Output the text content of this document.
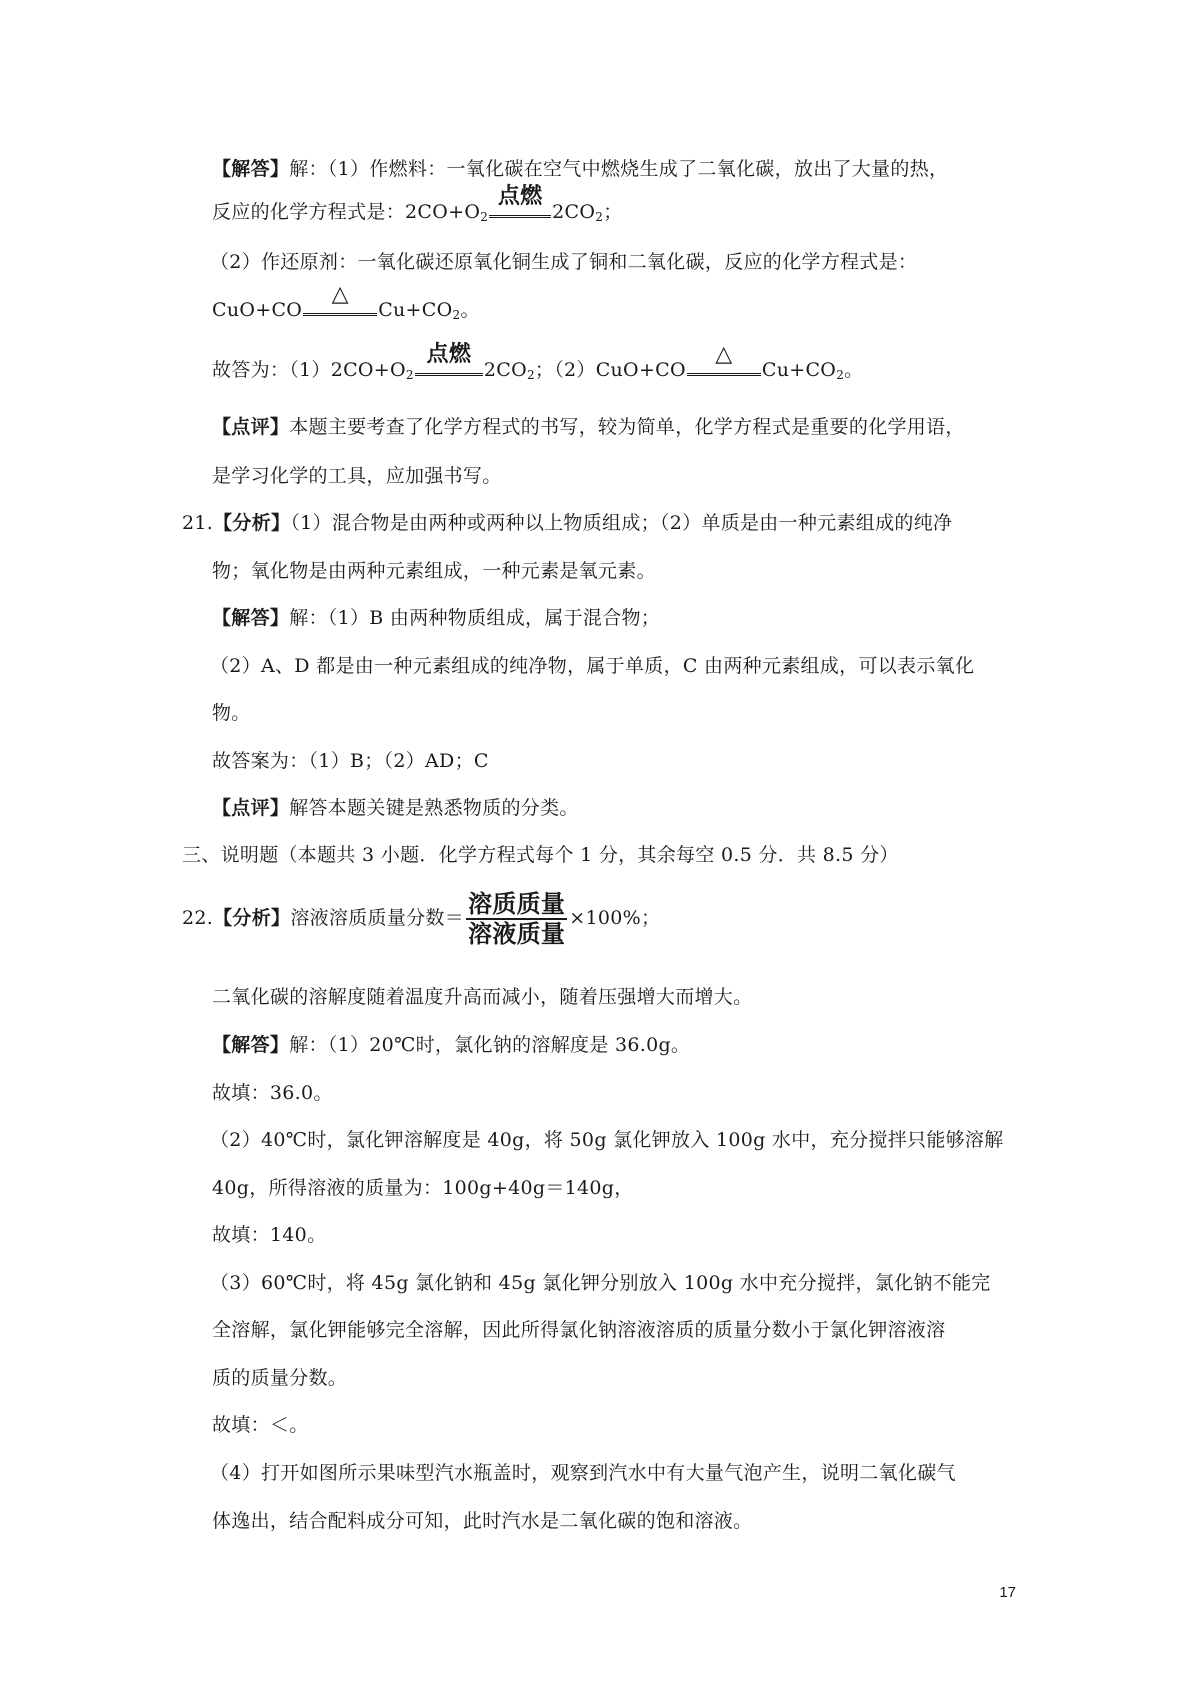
【解答】解：（1）作燃料：一氧化碳在空气中燃烧生成了二氧化碳，放出了大量的热，
反应的化学方程式是：$2CO+O_2$
点燃
$2CO_2$；
（2）作还原剂：一氧化碳还原氧化铜生成了铜和二氧化碳，反应的化学方程式是：
CuO+CO
△
$Cu+CO_2$。
故答为：$(1)2CO+O_2$
点燃
$2CO_2$；（2）CuO+CO
△
$Cu+CO_2$。
【点评】本题主要考查了化学方程式的书写，较为简单，化学方程式是重要的化学用语，
是学习化学的工具，应加强书写。
21.【分析】（1）混合物是由两种或两种以上物质组成；（2）单质是由一种元素组成的纯净
物；氧化物是由两种元素组成，一种元素是氧元素。
【解答】解：（1）B 由两种物质组成，属于混合物；
（2）A、D 都是由一种元素组成的纯净物，属于单质，C 由两种元素组成，可以表示氧化
物。
故答案为：（1）B；（2）AD；C
【点评】解答本题关键是熟悉物质的分类。
三、说明题（本题共 3 小题．化学方程式每个 1 分，其余每空 0.5 分．共 8.5 分）
22.【分析】溶液溶质质量分数＝ $\frac{\text{溶质质量}}{\text{溶液质量}} \times 100\%$；
二氧化碳的溶解度随着温度升高而减小，随着压强增大而增大。
【解答】解：（1）20℃时，氯化钠的溶解度是 36.0g。
故填：36.0。
（2）40℃时，氯化钾溶解度是 40g，将 50g 氯化钾放入 100g 水中，充分搅拌只能够溶解
40g，所得溶液的质量为：100g+40g＝140g，
故填：140。
（3）60℃时，将 45g 氯化钠和 45g 氯化钾分别放入 100g 水中充分搅拌，氯化钠不能完
全溶解，氯化钾能够完全溶解，因此所得氯化钠溶液溶质的质量分数小于氯化钾溶液溶
质的质量分数。
故填：＜。
（4）打开如图所示果味型汽水瓶盖时，观察到汽水中有大量气泡产生，说明二氧化碳气
体逸出，结合配料成分可知，此时汽水是二氧化碳的饱和溶液。
17
